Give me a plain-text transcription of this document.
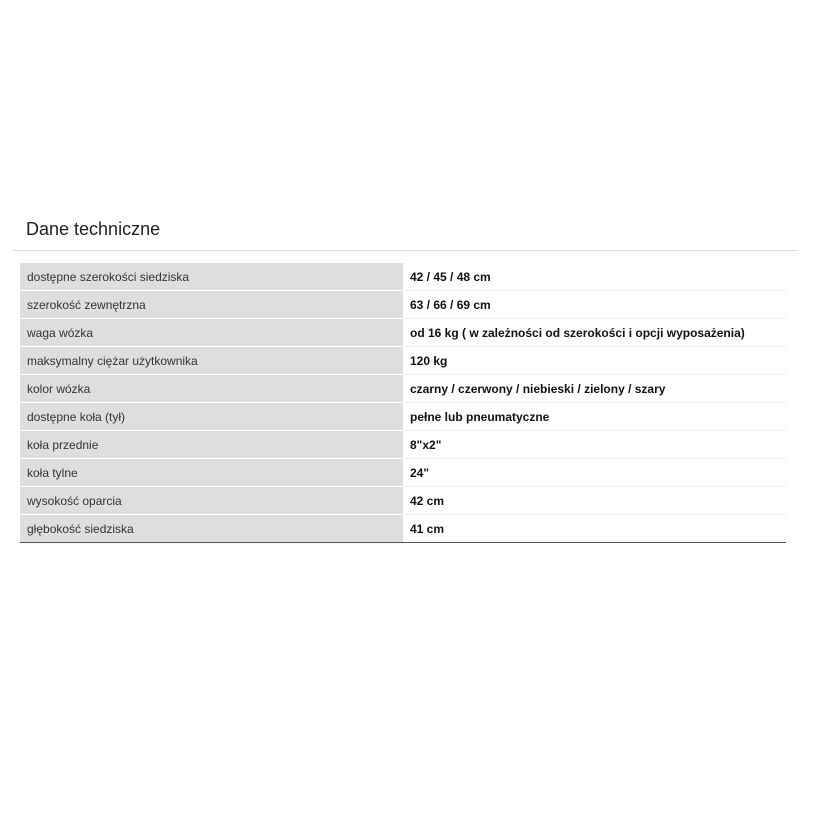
Dane techniczne
dostępne szerokości siedziska	42 / 45 / 48 cm
szerokość zewnętrzna	63 / 66 / 69 cm
waga wózka	od 16 kg ( w zależności od szerokości i opcji wyposażenia)
maksymalny ciężar użytkownika	120 kg
kolor wózka	czarny / czerwony / niebieski / zielony / szary
dostępne koła (tył)	pełne lub pneumatyczne
koła przednie	8"x2"
koła tylne	24"
wysokość oparcia	42 cm
głębokość siedziska	41 cm
